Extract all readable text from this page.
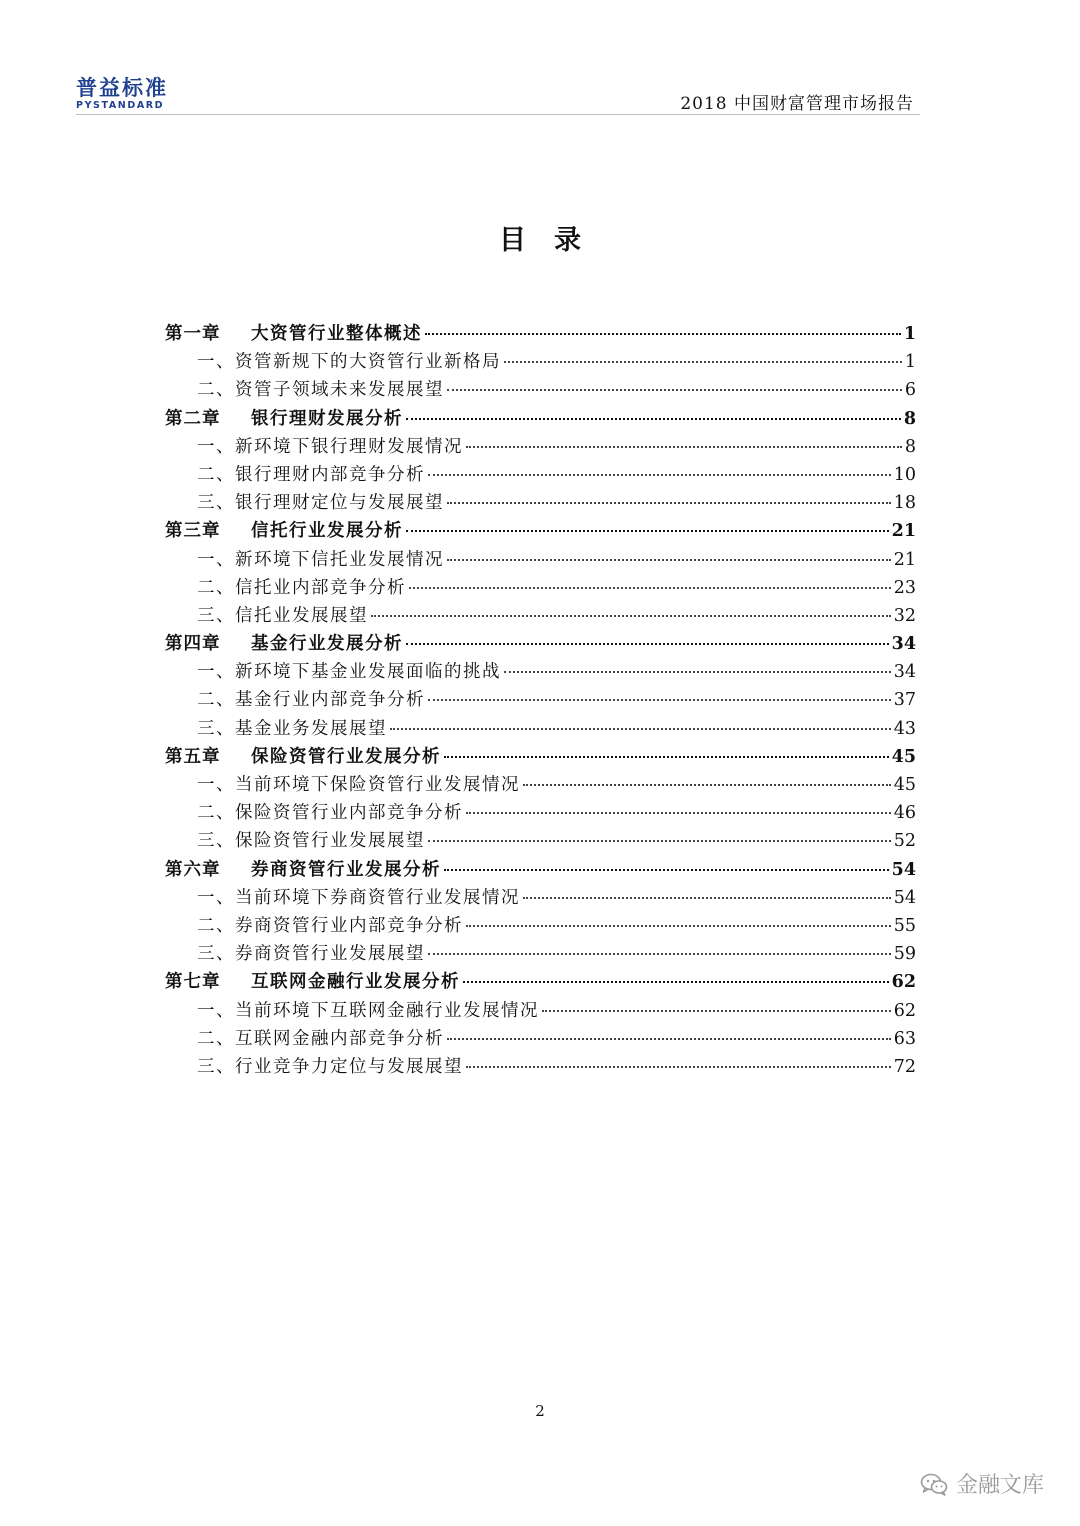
普益标准
PYSTANDARD	2018 中国财富管理市场报告
目录
第一章	大资管行业整体概述	1
一、资管新规下的大资管行业新格局	1
二、资管子领域未来发展展望	6
第二章	银行理财发展分析	8
一、新环境下银行理财发展情况	8
二、银行理财内部竞争分析	10
三、银行理财定位与发展展望	18
第三章	信托行业发展分析	21
一、新环境下信托业发展情况	21
二、信托业内部竞争分析	23
三、信托业发展展望	32
第四章	基金行业发展分析	34
一、新环境下基金业发展面临的挑战	34
二、基金行业内部竞争分析	37
三、基金业务发展展望	43
第五章	保险资管行业发展分析	45
一、当前环境下保险资管行业发展情况	45
二、保险资管行业内部竞争分析	46
三、保险资管行业发展展望	52
第六章	券商资管行业发展分析	54
一、当前环境下券商资管行业发展情况	54
二、券商资管行业内部竞争分析	55
三、券商资管行业发展展望	59
第七章	互联网金融行业发展分析	62
一、当前环境下互联网金融行业发展情况	62
二、互联网金融内部竞争分析	63
三、行业竞争力定位与发展展望	72
2
金融文库
